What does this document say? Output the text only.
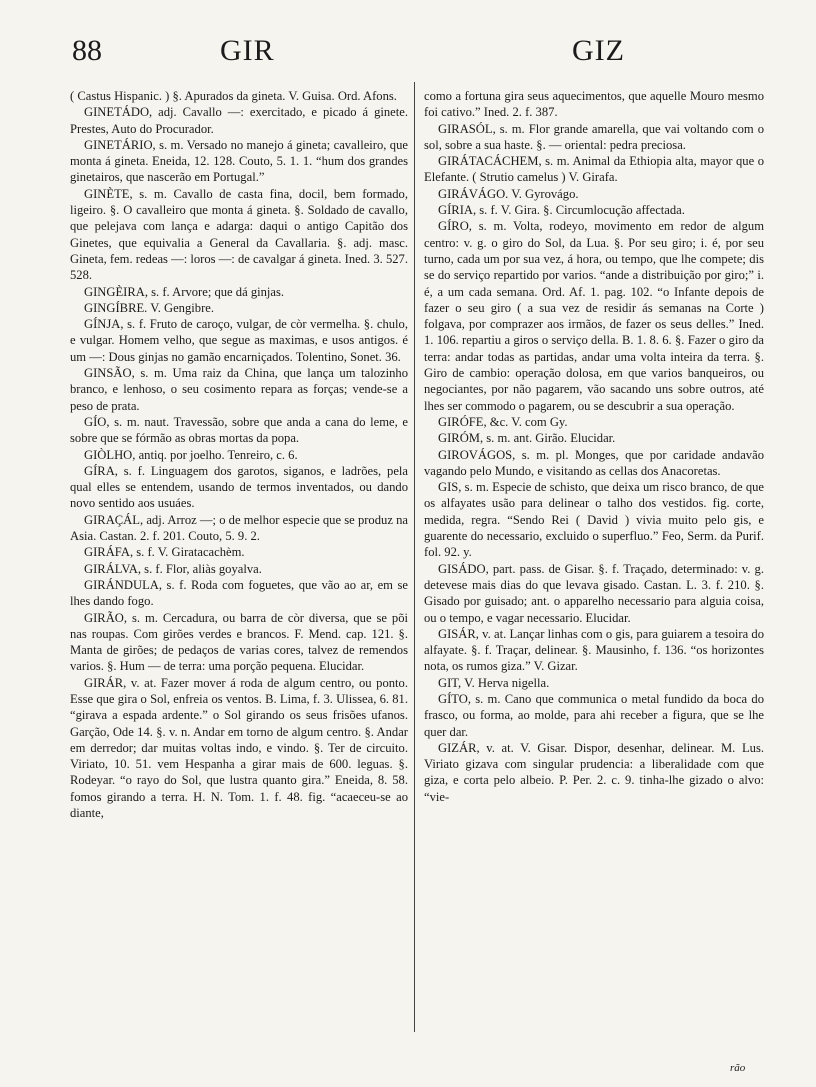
88	GIR	GIZ

( Castus Hispanic. ) §. Apurados da gineta. V. Guisa. Ord. Afons.

GINETÁDO, adj. Cavallo —: exercitado, e picado á ginete. Prestes, Auto do Procurador.

GINETÁRIO, s. m. Versado no manejo á gineta; cavalleiro, que monta á gineta. Eneida, 12. 128. Couto, 5. 1. 1. “hum dos grandes ginetairos, que nascerão em Portugal.”

GINÈTE, s. m. Cavallo de casta fina, docil, bem formado, ligeiro. §. O cavalleiro que monta á gineta. §. Soldado de cavallo, que pelejava com lança e adarga: daqui o antigo Capitão dos Ginetes, que equivalia a General da Cavallaria. §. adj. masc. Gineta, fem. redeas —: loros —: de cavalgar á gineta. Ined. 3. 527. 528.

GINGÈIRA, s. f. Arvore; que dá ginjas.

GINGÍBRE. V. Gengibre.

GÍNJA, s. f. Fruto de caroço, vulgar, de còr vermelha. §. chulo, e vulgar. Homem velho, que segue as maximas, e usos antigos. é um —: Dous ginjas no gamão encarniçados. Tolentino, Sonet. 36.

GINSÃO, s. m. Uma raiz da China, que lança um talozinho branco, e lenhoso, o seu cosimento repara as forças; vende-se a peso de prata.

GÍO, s. m. naut. Travessão, sobre que anda a cana do leme, e sobre que se fórmão as obras mortas da popa.

GIÒLHO, antiq. por joelho. Tenreiro, c. 6.

GÍRA, s. f. Linguagem dos garotos, siganos, e ladrões, pela qual elles se entendem, usando de termos inventados, ou dando novo sentido aos usuáes.

GIRAÇÁL, adj. Arroz —; o de melhor especie que se produz na Asia. Castan. 2. f. 201. Couto, 5. 9. 2.

GIRÁFA, s. f. V. Giratacachèm.

GIRÁLVA, s. f. Flor, aliàs goyalva.

GIRÁNDULA, s. f. Roda com foguetes, que vão ao ar, em se lhes dando fogo.

GIRÃO, s. m. Cercadura, ou barra de còr diversa, que se põi nas roupas. Com girões verdes e brancos. F. Mend. cap. 121. §. Manta de girões; de pedaços de varias cores, talvez de remendos varios. §. Hum — de terra: uma porção pequena. Elucidar.

GIRÁR, v. at. Fazer mover á roda de algum centro, ou ponto. Esse que gira o Sol, enfreia os ventos. B. Lima, f. 3. Ulissea, 6. 81. “girava a espada ardente.” o Sol girando os seus frisões ufanos. Garção, Ode 14. §. v. n. Andar em torno de algum centro. §. Andar em derredor; dar muitas voltas indo, e vindo. §. Ter de circuito. Viriato, 10. 51. vem Hespanha a girar mais de 600. leguas. §. Rodeyar. “o rayo do Sol, que lustra quanto gira.” Eneida, 8. 58. fomos girando a terra. H. N. Tom. 1. f. 48. fig. “acaeceu-se ao diante,

como a fortuna gira seus aquecimentos, que aquelle Mouro mesmo foi cativo.” Ined. 2. f. 387.

GIRASÓL, s. m. Flor grande amarella, que vai voltando com o sol, sobre a sua haste. §. — oriental: pedra preciosa.

GIRÁTACÁCHEM, s. m. Animal da Ethiopia alta, mayor que o Elefante. ( Strutio camelus ) V. Girafa.

GIRÁVÁGO. V. Gyrovágo.

GÍRIA, s. f. V. Gira. §. Circumlocução affectada.

GÍRO, s. m. Volta, rodeyo, movimento em redor de algum centro: v. g. o giro do Sol, da Lua. §. Por seu giro; i. é, por seu turno, cada um por sua vez, á hora, ou tempo, que lhe compete; dis se do serviço repartido por varios. “ande a distribuição por giro;” i. é, a um cada semana. Ord. Af. 1. pag. 102. “o Infante depois de fazer o seu giro ( a sua vez de residir ás semanas na Corte ) folgava, por comprazer aos irmãos, de fazer os seus delles.” Ined. 1. 106. repartiu a giros o serviço della. B. 1. 8. 6. §. Fazer o giro da terra: andar todas as partidas, andar uma volta inteira da terra. §. Giro de cambio: operação dolosa, em que varios banqueiros, ou negociantes, por não pagarem, vão sacando uns sobre outros, até lhes ser commodo o pagarem, ou se descubrir a sua operação.

GIRÓFE, &c. V. com Gy.

GIRÓM, s. m. ant. Girão. Elucidar.

GIROVÁGOS, s. m. pl. Monges, que por caridade andavão vagando pelo Mundo, e visitando as cellas dos Anacoretas.

GIS, s. m. Especie de schisto, que deixa um risco branco, de que os alfayates usão para delinear o talho dos vestidos. fig. corte, medida, regra. “Sendo Rei ( David ) vivia muito pelo gis, e guarente do necessario, excluido o superfluo.” Feo, Serm. da Purif. fol. 92. y.

GISÁDO, part. pass. de Gisar. §. f. Traçado, determinado: v. g. detevese mais dias do que levava gisado. Castan. L. 3. f. 210. §. Gisado por guisado; ant. o apparelho necessario para alguia coisa, ou o tempo, e vagar necessario. Elucidar.

GISÁR, v. at. Lançar linhas com o gis, para guiarem a tesoira do alfayate. §. f. Traçar, delinear. §. Mausinho, f. 136. “os horizontes nota, os rumos giza.” V. Gizar.

GIT, V. Herva nigella.

GÍTO, s. m. Cano que communica o metal fundido da boca do frasco, ou forma, ao molde, para ahi receber a figura, que se lhe quer dar.

GIZÁR, v. at. V. Gisar. Dispor, desenhar, delinear. M. Lus. Viriato gizava com singular prudencia: a liberalidade com que giza, e corta pelo albeio. P. Per. 2. c. 9. tinha-lhe gizado o alvo: “vie-

rão
